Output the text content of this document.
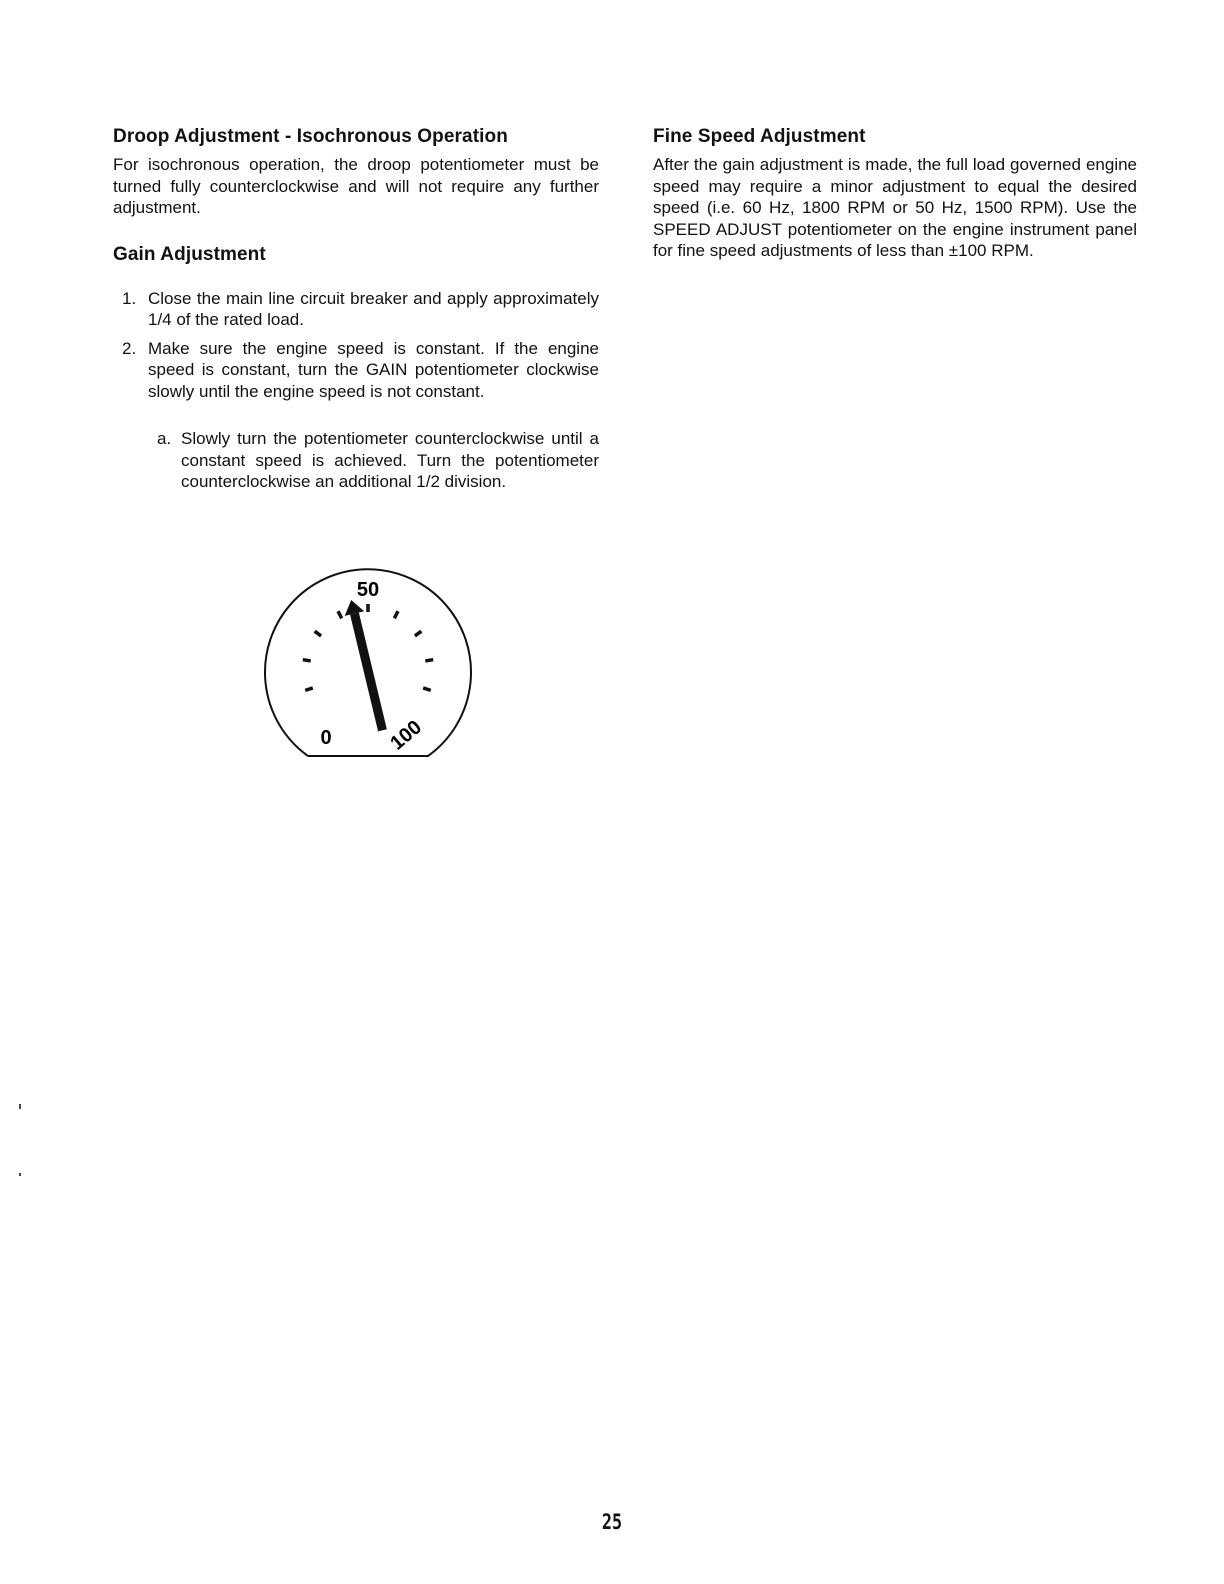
Droop Adjustment - Isochronous Operation

For isochronous operation, the droop potentiometer must be turned fully counterclockwise and will not require any further adjustment.

Gain Adjustment
1. Close the main line circuit breaker and apply approximately 1/4 of the rated load.
2. Make sure the engine speed is constant. If the engine speed is constant, turn the GAIN potentiometer clockwise slowly until the engine speed is not constant.
a. Slowly turn the potentiometer counterclockwise until a constant speed is achieved. Turn the potentiometer counterclockwise an additional 1/2 division.
50
0	100
Fine Speed Adjustment

After the gain adjustment is made, the full load governed engine speed may require a minor adjustment to equal the desired speed (i.e. 60 Hz, 1800 RPM or 50 Hz, 1500 RPM). Use the SPEED ADJUST potentiometer on the engine instrument panel for fine speed adjustments of less than ±100 RPM.

25
